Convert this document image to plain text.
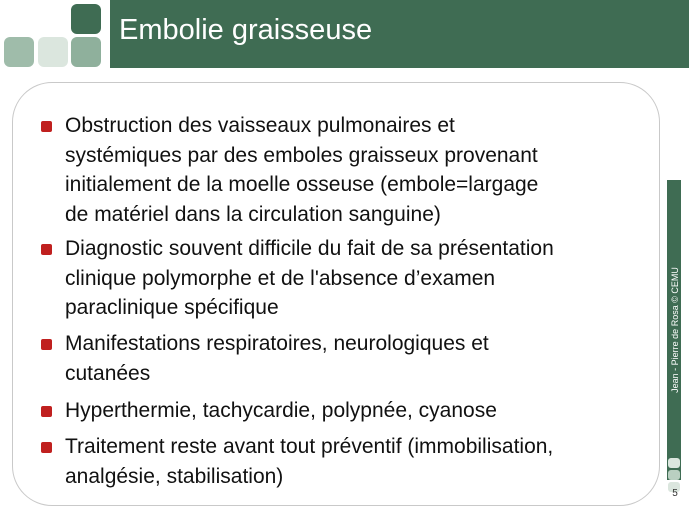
Embolie graisseuse

Obstruction des vaisseaux pulmonaires et
systémiques par des emboles graisseux provenant
initialement de la moelle osseuse (embole=largage
de matériel dans la circulation sanguine)

Diagnostic souvent difficile du fait de sa présentation
clinique polymorphe et de l'absence d’examen
paraclinique spécifique

Manifestations respiratoires, neurologiques et
cutanées

Hyperthermie, tachycardie, polypnée, cyanose

Traitement reste avant tout préventif (immobilisation,
analgésie, stabilisation)

Jean - Pierre de Rosa © CEMU
5
